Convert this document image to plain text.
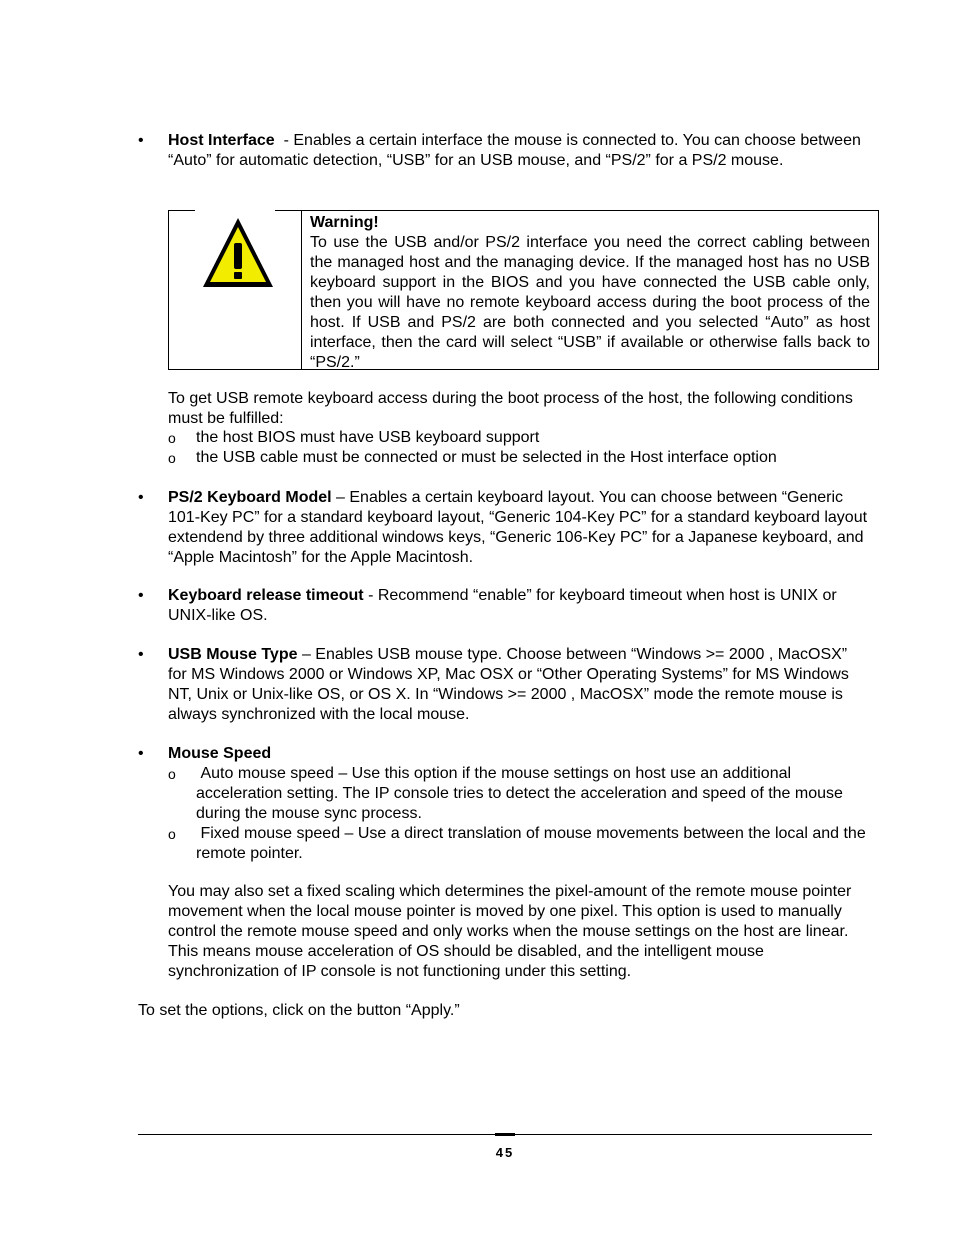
•	Host Interface  - Enables a certain interface the mouse is connected to. You can choose between “Auto” for automatic detection, “USB” for an USB mouse, and “PS/2” for a PS/2 mouse.
Warning!
To use the USB and/or PS/2 interface you need the correct cabling between the managed host and the managing device. If the managed host has no USB keyboard support in the BIOS and you have connected the USB cable only, then you will have no remote keyboard access during the boot process of the host. If USB and PS/2 are both connected and you selected “Auto” as host interface, then the card will select “USB” if available or otherwise falls back to “PS/2.”
To get USB remote keyboard access during the boot process of the host, the following conditions must be fulfilled:
o the host BIOS must have USB keyboard support
o the USB cable must be connected or must be selected in the Host interface option
•	PS/2 Keyboard Model – Enables a certain keyboard layout. You can choose between “Generic 101-Key PC” for a standard keyboard layout, “Generic 104-Key PC” for a standard keyboard layout extendend by three additional windows keys, “Generic 106-Key PC” for a Japanese keyboard, and “Apple Macintosh” for the Apple Macintosh.
•	Keyboard release timeout - Recommend “enable” for keyboard timeout when host is UNIX or UNIX-like OS.
•	USB Mouse Type – Enables USB mouse type. Choose between “Windows >= 2000 , MacOSX” for MS Windows 2000 or Windows XP, Mac OSX or “Other Operating Systems” for MS Windows NT, Unix or Unix-like OS, or OS X. In “Windows >= 2000 , MacOSX” mode the remote mouse is always synchronized with the local mouse.
•	Mouse Speed
o Auto mouse speed – Use this option if the mouse settings on host use an additional acceleration setting. The IP console tries to detect the acceleration and speed of the mouse during the mouse sync process.
o Fixed mouse speed – Use a direct translation of mouse movements between the local and the remote pointer.
You may also set a fixed scaling which determines the pixel-amount of the remote mouse pointer movement when the local mouse pointer is moved by one pixel. This option is used to manually control the remote mouse speed and only works when the mouse settings on the host are linear. This means mouse acceleration of OS should be disabled, and the intelligent mouse synchronization of IP console is not functioning under this setting.
To set the options, click on the button “Apply.”
45
